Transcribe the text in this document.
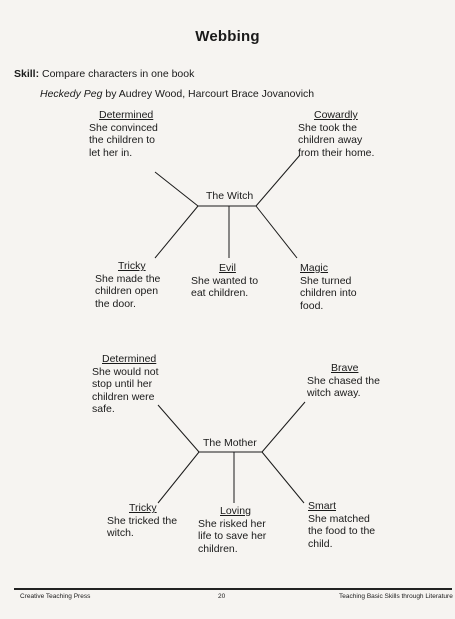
Webbing
Skill: Compare characters in one book
Heckedy Peg by Audrey Wood, Harcourt Brace Jovanovich
The Witch
Determined
She convinced
the children to
let her in.
Cowardly
She took the
children away
from their home.
Tricky
She made the
children open
the door.
Evil
She wanted to
eat children.
Magic
She turned
children into
food.
The Mother
Determined
She would not
stop until her
children were
safe.
Brave
She chased the
witch away.
Tricky
She tricked the
witch.
Loving
She risked her
life to save her
children.
Smart
She matched
the food to the
child.
Creative Teaching Press	20	Teaching Basic Skills through Literature
